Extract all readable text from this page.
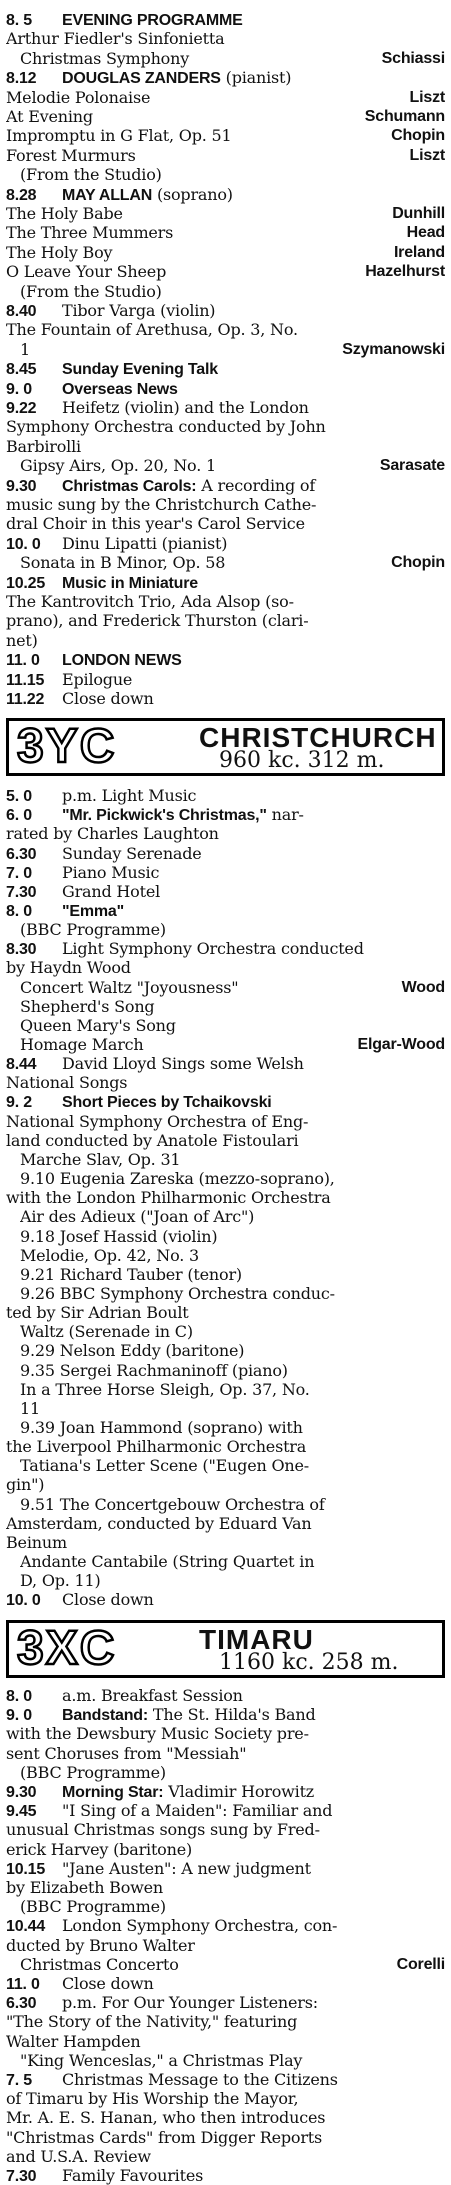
8. 5 EVENING PROGRAMME
Arthur Fiedler's Sinfonietta
Christmas Symphony	Schiassi
8.12 DOUGLAS ZANDERS (pianist)
Melodie Polonaise	Liszt
At Evening	Schumann
Impromptu in G Flat, Op. 51	Chopin
Forest Murmurs	Liszt
(From the Studio)
8.28 MAY ALLAN (soprano)
The Holy Babe	Dunhill
The Three Mummers	Head
The Holy Boy	Ireland
O Leave Your Sheep	Hazelhurst
(From the Studio)
8.40 Tibor Varga (violin)
The Fountain of Arethusa, Op. 3, No.
1	Szymanowski
8.45 Sunday Evening Talk
9. 0 Overseas News
9.22 Heifetz (violin) and the London
Symphony Orchestra conducted by John
Barbirolli
Gipsy Airs, Op. 20, No. 1	Sarasate
9.30 Christmas Carols: A recording of
music sung by the Christchurch Cathe-
dral Choir in this year's Carol Service
10. 0 Dinu Lipatti (pianist)
Sonata in B Minor, Op. 58	Chopin
10.25 Music in Miniature
The Kantrovitch Trio, Ada Alsop (so-
prano), and Frederick Thurston (clari-
net)
11. 0 LONDON NEWS
11.15 Epilogue
11.22 Close down
3YC	CHRISTCHURCH
960 kc. 312 m.
5. 0 p.m. Light Music
6. 0 "Mr. Pickwick's Christmas," nar-
rated by Charles Laughton
6.30 Sunday Serenade
7. 0 Piano Music
7.30 Grand Hotel
8. 0 "Emma"
(BBC Programme)
8.30 Light Symphony Orchestra conducted
by Haydn Wood
Concert Waltz "Joyousness"	Wood
Shepherd's Song
Queen Mary's Song
Homage March	Elgar-Wood
8.44 David Lloyd Sings some Welsh
National Songs
9. 2 Short Pieces by Tchaikovski
National Symphony Orchestra of Eng-
land conducted by Anatole Fistoulari
Marche Slav, Op. 31
9.10 Eugenia Zareska (mezzo-soprano),
with the London Philharmonic Orchestra
Air des Adieux ("Joan of Arc")
9.18 Josef Hassid (violin)
Melodie, Op. 42, No. 3
9.21 Richard Tauber (tenor)
9.26 BBC Symphony Orchestra conduc-
ted by Sir Adrian Boult
Waltz (Serenade in C)
9.29 Nelson Eddy (baritone)
9.35 Sergei Rachmaninoff (piano)
In a Three Horse Sleigh, Op. 37, No.
11
9.39 Joan Hammond (soprano) with
the Liverpool Philharmonic Orchestra
Tatiana's Letter Scene ("Eugen One-
gin")
9.51 The Concertgebouw Orchestra of
Amsterdam, conducted by Eduard Van
Beinum
Andante Cantabile (String Quartet in
D, Op. 11)
10. 0 Close down
3XC	TIMARU
1160 kc. 258 m.
8. 0 a.m. Breakfast Session
9. 0 Bandstand: The St. Hilda's Band
with the Dewsbury Music Society pre-
sent Choruses from "Messiah"
(BBC Programme)
9.30 Morning Star: Vladimir Horowitz
9.45 "I Sing of a Maiden": Familiar and
unusual Christmas songs sung by Fred-
erick Harvey (baritone)
10.15 "Jane Austen": A new judgment
by Elizabeth Bowen
(BBC Programme)
10.44 London Symphony Orchestra, con-
ducted by Bruno Walter
Christmas Concerto	Corelli
11. 0 Close down
6.30 p.m. For Our Younger Listeners:
"The Story of the Nativity," featuring
Walter Hampden
"King Wenceslas," a Christmas Play
7. 5 Christmas Message to the Citizens
of Timaru by His Worship the Mayor,
Mr. A. E. S. Hanan, who then introduces
"Christmas Cards" from Digger Reports
and U.S.A. Review
7.30 Family Favourites
